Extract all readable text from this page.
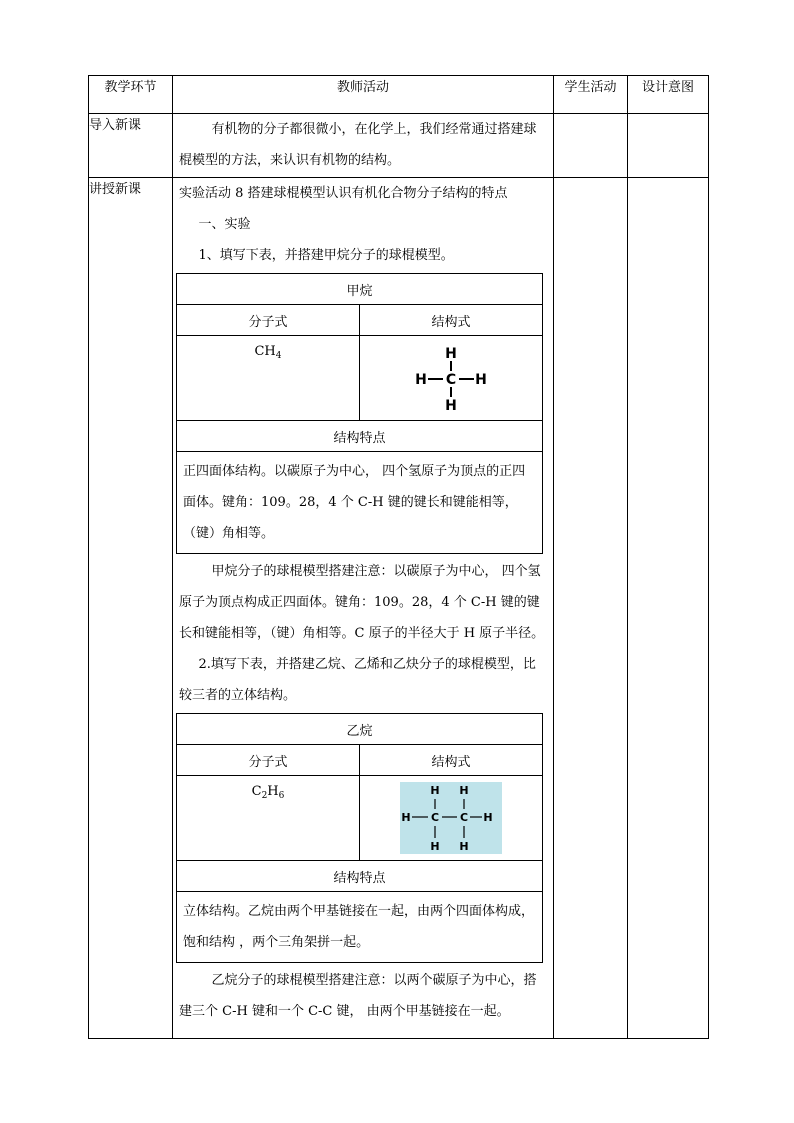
教学环节	教师活动	学生活动	设计意图
导入新课	有机物的分子都很微小，在化学上，我们经常通过搭建球棍模型的方法，来认识有机物的结构。

讲授新课	实验活动 8 搭建球棍模型认识有机化合物分子结构的特点
一、实验
1、填写下表，并搭建甲烷分子的球棍模型。
甲烷
分子式	结构式
$CH_4$	H
H C H
H

结构特点
正四面体结构。以碳原子为中心， 四个氢原子为顶点的正四面体。键角：109。28，4 个 C-H 键的键长和键能相等，（键）角相等。
甲烷分子的球棍模型搭建注意：以碳原子为中心， 四个氢原子为顶点构成正四面体。键角：109。28，4 个 C-H 键的键长和键能相等，（键）角相等。C 原子的半径大于 H 原子半径。
2.填写下表，并搭建乙烷、乙烯和乙炔分子的球棍模型，比较三者的立体结构。
乙烷
分子式	结构式
$C_2H_6$	H H
H C C H
H H

结构特点
立体结构。乙烷由两个甲基链接在一起，由两个四面体构成， 饱和结构 ，两个三角架拼一起。
乙烷分子的球棍模型搭建注意：以两个碳原子为中心，搭建三个 C-H 键和一个 C-C 键， 由两个甲基链接在一起。
